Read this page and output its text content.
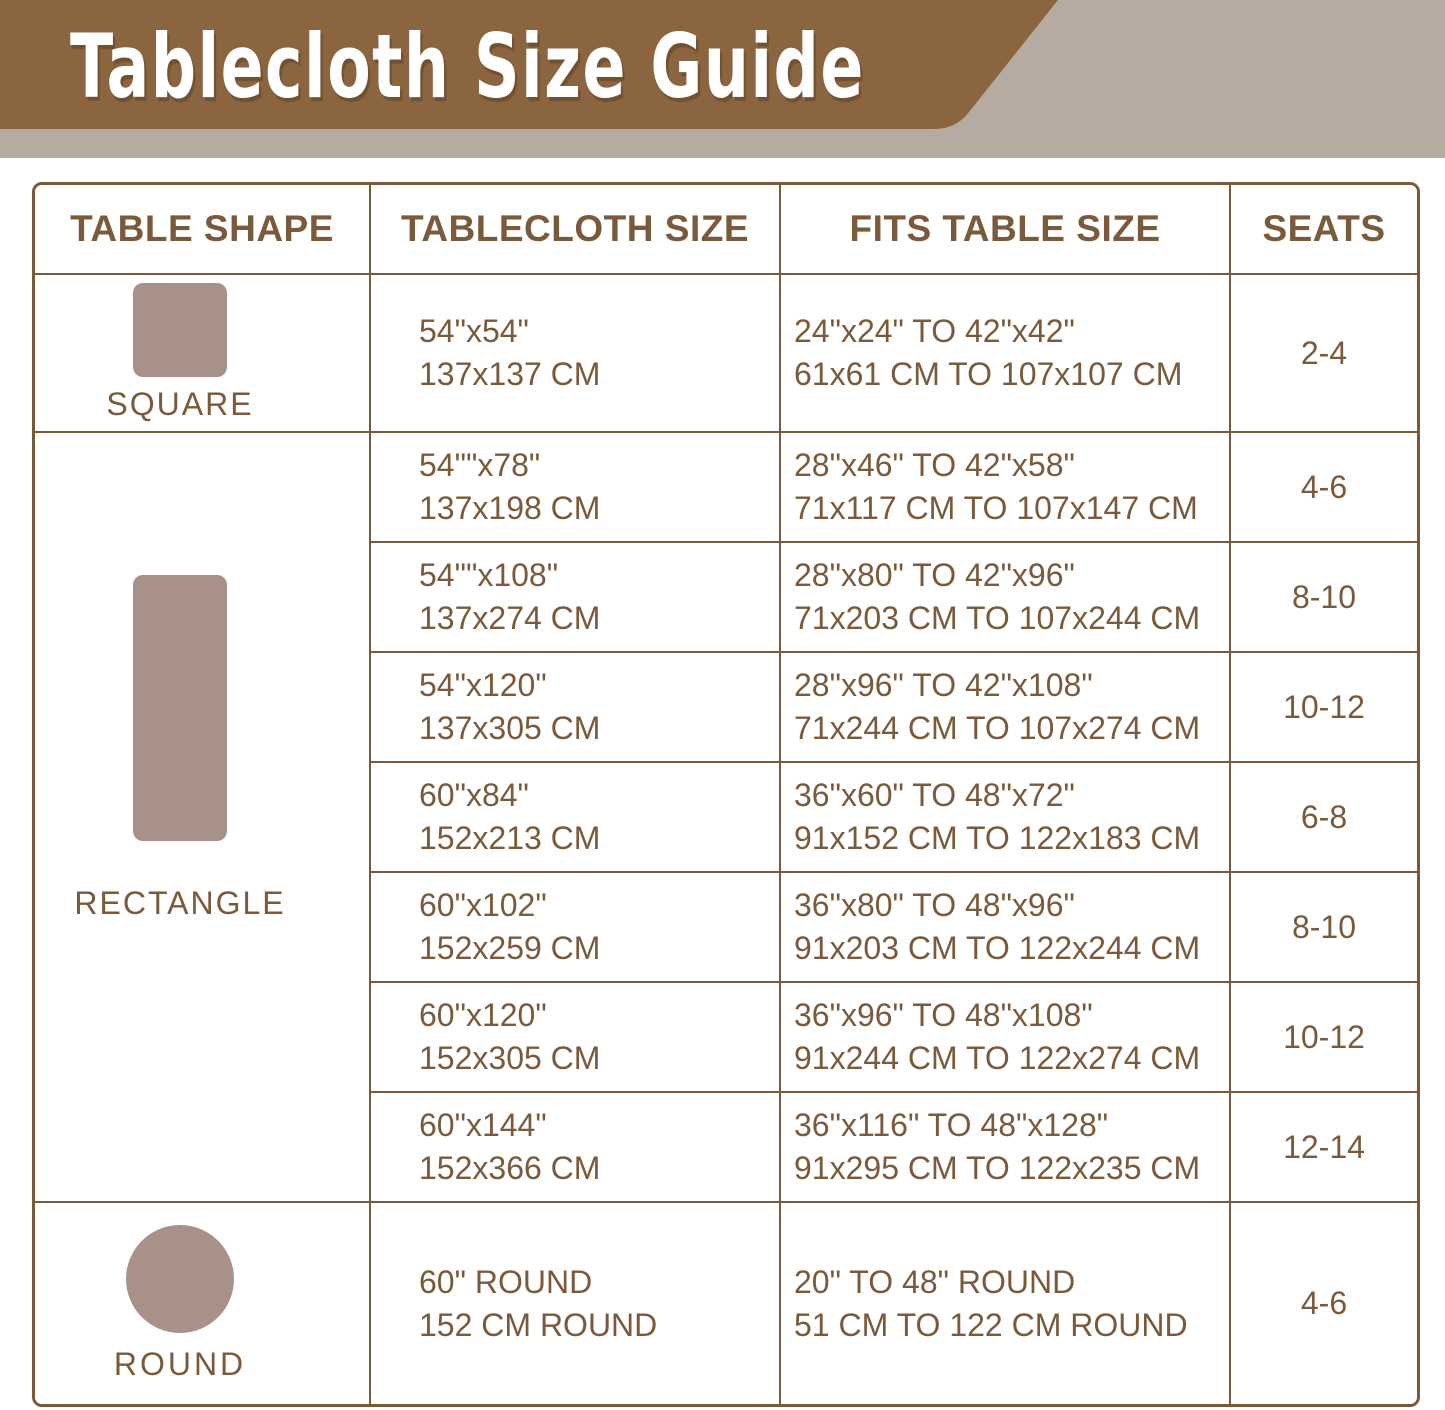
Tablecloth Size Guide
TABLE SHAPE TABLECLOTH SIZE	FITS TABLE SIZE	SEATS
SQUARE
RECTANGLE
ROUND
54"x54"
137x137 CM
24"x24" TO 42"x42"
61x61 CM TO 107x107 CM
2-4
54""x78"
137x198 CM
28"x46" TO 42"x58"
71x117 CM TO 107x147 CM
4-6
54""x108"
137x274 CM
28"x80" TO 42"x96"
71x203 CM TO 107x244 CM
8-10
54"x120"
137x305 CM
28"x96" TO 42"x108"
71x244 CM TO 107x274 CM
10-12
60"x84"
152x213 CM
36"x60" TO 48"x72"
91x152 CM TO 122x183 CM
6-8
60"x102"
152x259 CM
36"x80" TO 48"x96"
91x203 CM TO 122x244 CM
8-10
60"x120"
152x305 CM
36"x96" TO 48"x108"
91x244 CM TO 122x274 CM
10-12
60"x144"
152x366 CM
36"x116" TO 48"x128"
91x295 CM TO 122x235 CM
12-14
60" ROUND
152 CM ROUND
20" TO 48" ROUND
51 CM TO 122 CM ROUND
4-6
